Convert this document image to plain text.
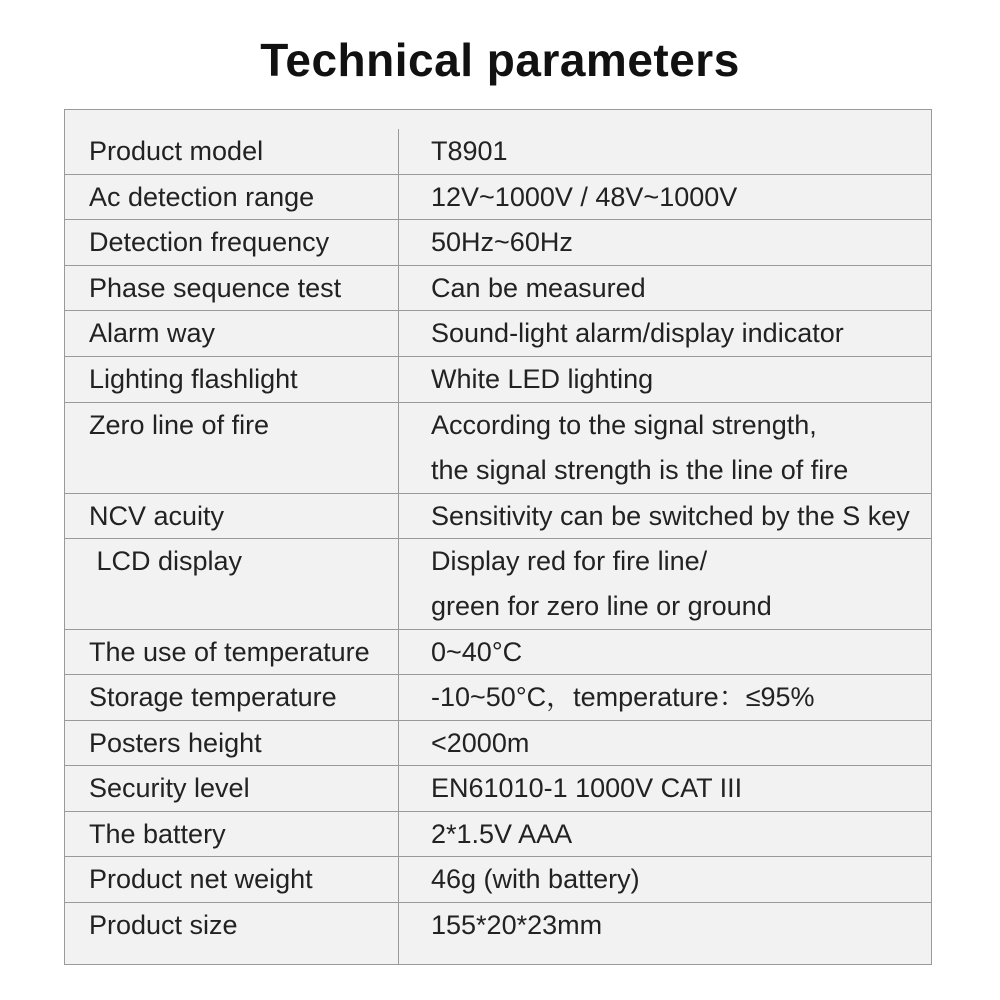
Technical parameters
Product model	T8901
Ac detection range	12V~1000V / 48V~1000V
Detection frequency	50Hz~60Hz
Phase sequence test	Can be measured
Alarm way	Sound-light alarm/display indicator
Lighting flashlight	White LED lighting
Zero line of fire	According to the signal strength,
the signal strength is the line of fire
NCV acuity	Sensitivity can be switched by the S key
LCD display	Display red for fire line/
green for zero line or ground
The use of temperature	0~40°C
Storage temperature	-10~50°C，temperature：≤95%
Posters height	<2000m
Security level	EN61010-1 1000V CAT III
The battery	2*1.5V AAA
Product net weight	46g (with battery)
Product size	155*20*23mm
